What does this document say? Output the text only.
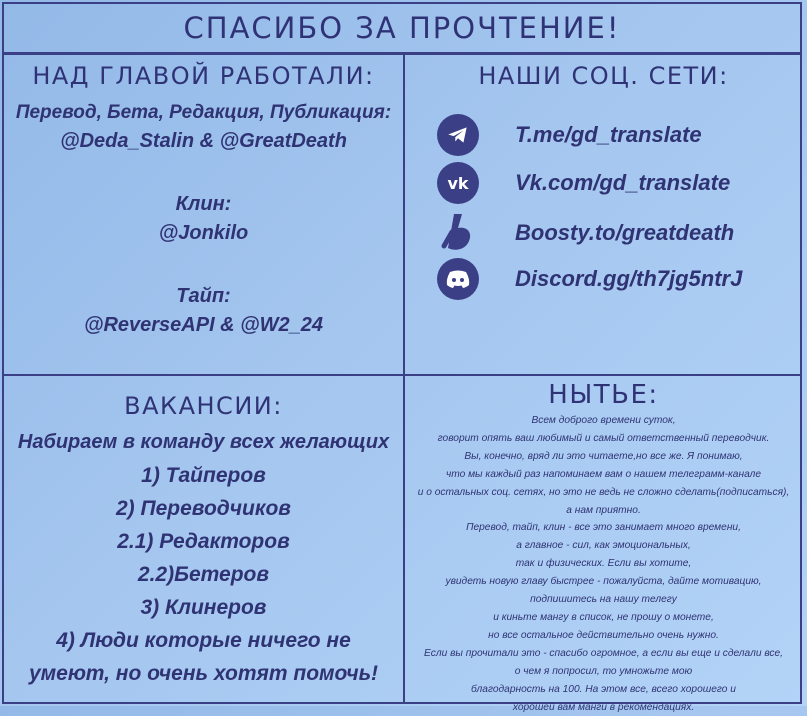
СПАСИБО ЗА ПРОЧТЕНИЕ!
НАД ГЛАВОЙ РАБОТАЛИ:
Перевод, Бета, Редакция, Публикация:
@Deda_Stalin & @GreatDeath
Клин:
@Jonkilo
Тайп:
@ReverseAPI & @W2_24
НАШИ СОЦ. СЕТИ:
T.me/gd_translate
vk Vk.com/gd_translate
Boosty.to/greatdeath
Discord.gg/th7jg5ntrJ
ВАКАНСИИ:
Набираем в команду всех желающих
1) Тайперов
2) Переводчиков
2.1) Редакторов
2.2)Бетеров
3) Клинеров
4) Люди которые ничего не
умеют, но очень хотят помочь!
НЫТЬЕ:
Всем доброго времени суток,
говорит опять ваш любимый и самый ответственный переводчик.
Вы, конечно, вряд ли это читаете,но все же. Я понимаю,
что мы каждый раз напоминаем вам о нашем телеграмм-канале
и о остальных соц. сетях, но это не ведь не сложно сделать(подписаться),
а нам приятно.
Перевод, тайп, клин - все это занимает много времени,
а главное - сил, как эмоциональных,
так и физических. Если вы хотите,
увидеть новую главу быстрее - пожалуйста, дайте мотивацию,
подпишитесь на нашу телегу
и киньте мангу в список, не прошу о монете,
но все остальное действительно очень нужно.
Если вы прочитали это - спасибо огромное, а если вы еще и сделали все,
о чем я попросил, то умножьте мою
благодарность на 100. На этом все, всего хорошего и
хорошей вам манги в рекомендациях.
